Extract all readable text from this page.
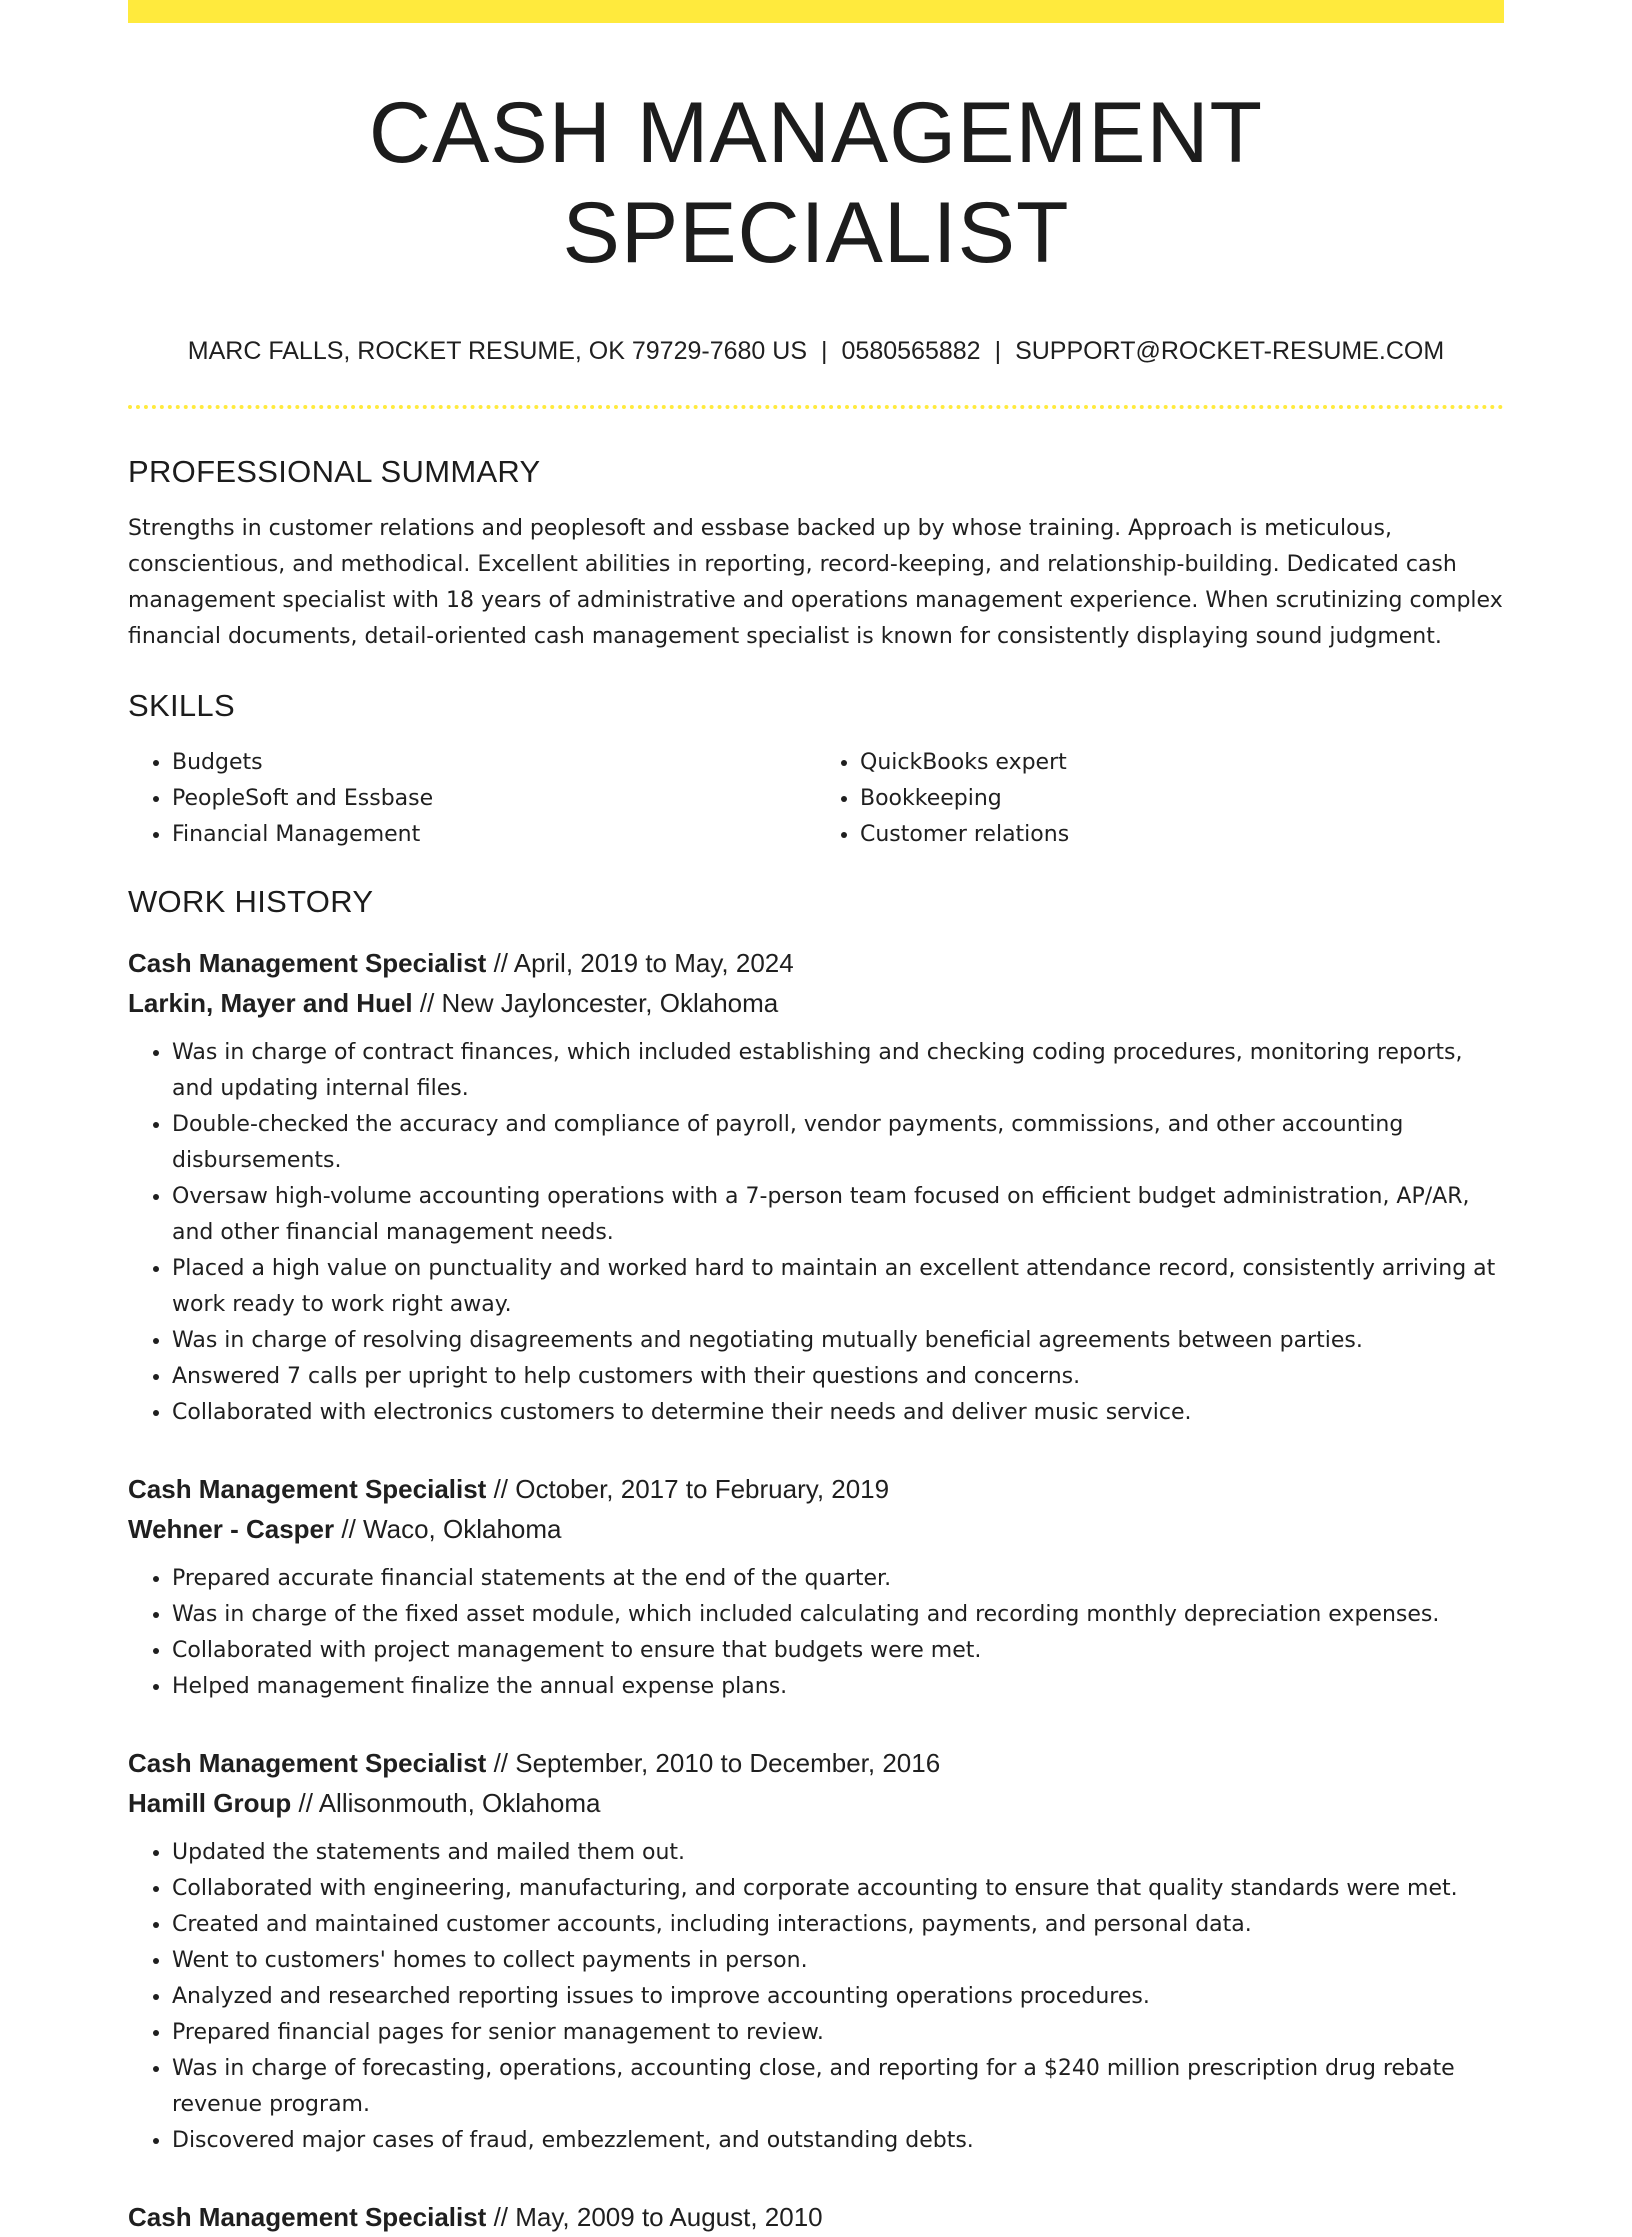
CASH MANAGEMENT SPECIALIST
MARC FALLS, ROCKET RESUME, OK 79729-7680 US | 0580565882 | SUPPORT@ROCKET-RESUME.COM
PROFESSIONAL SUMMARY

Strengths in customer relations and peoplesoft and essbase backed up by whose training. Approach is meticulous, conscientious, and methodical. Excellent abilities in reporting, record-keeping, and relationship-building. Dedicated cash management specialist with 18 years of administrative and operations management experience. When scrutinizing complex financial documents, detail-oriented cash management specialist is known for consistently displaying sound judgment.

SKILLS
• Budgets
• PeopleSoft and Essbase
• Financial Management
• QuickBooks expert
• Bookkeeping
• Customer relations
WORK HISTORY
Cash Management Specialist // April, 2019 to May, 2024
Larkin, Mayer and Huel // New Jayloncester, Oklahoma
• Was in charge of contract finances, which included establishing and checking coding procedures, monitoring reports, and updating internal files.
• Double-checked the accuracy and compliance of payroll, vendor payments, commissions, and other accounting disbursements.
• Oversaw high-volume accounting operations with a 7-person team focused on efficient budget administration, AP/AR, and other financial management needs.
• Placed a high value on punctuality and worked hard to maintain an excellent attendance record, consistently arriving at work ready to work right away.
• Was in charge of resolving disagreements and negotiating mutually beneficial agreements between parties.
• Answered 7 calls per upright to help customers with their questions and concerns.
• Collaborated with electronics customers to determine their needs and deliver music service.
Cash Management Specialist // October, 2017 to February, 2019
Wehner - Casper // Waco, Oklahoma
• Prepared accurate financial statements at the end of the quarter.
• Was in charge of the fixed asset module, which included calculating and recording monthly depreciation expenses.
• Collaborated with project management to ensure that budgets were met.
• Helped management finalize the annual expense plans.
Cash Management Specialist // September, 2010 to December, 2016
Hamill Group // Allisonmouth, Oklahoma
• Updated the statements and mailed them out.
• Collaborated with engineering, manufacturing, and corporate accounting to ensure that quality standards were met.
• Created and maintained customer accounts, including interactions, payments, and personal data.
• Went to customers' homes to collect payments in person.
• Analyzed and researched reporting issues to improve accounting operations procedures.
• Prepared financial pages for senior management to review.
• Was in charge of forecasting, operations, accounting close, and reporting for a $240 million prescription drug rebate revenue program.
• Discovered major cases of fraud, embezzlement, and outstanding debts.
Cash Management Specialist // May, 2009 to August, 2010
